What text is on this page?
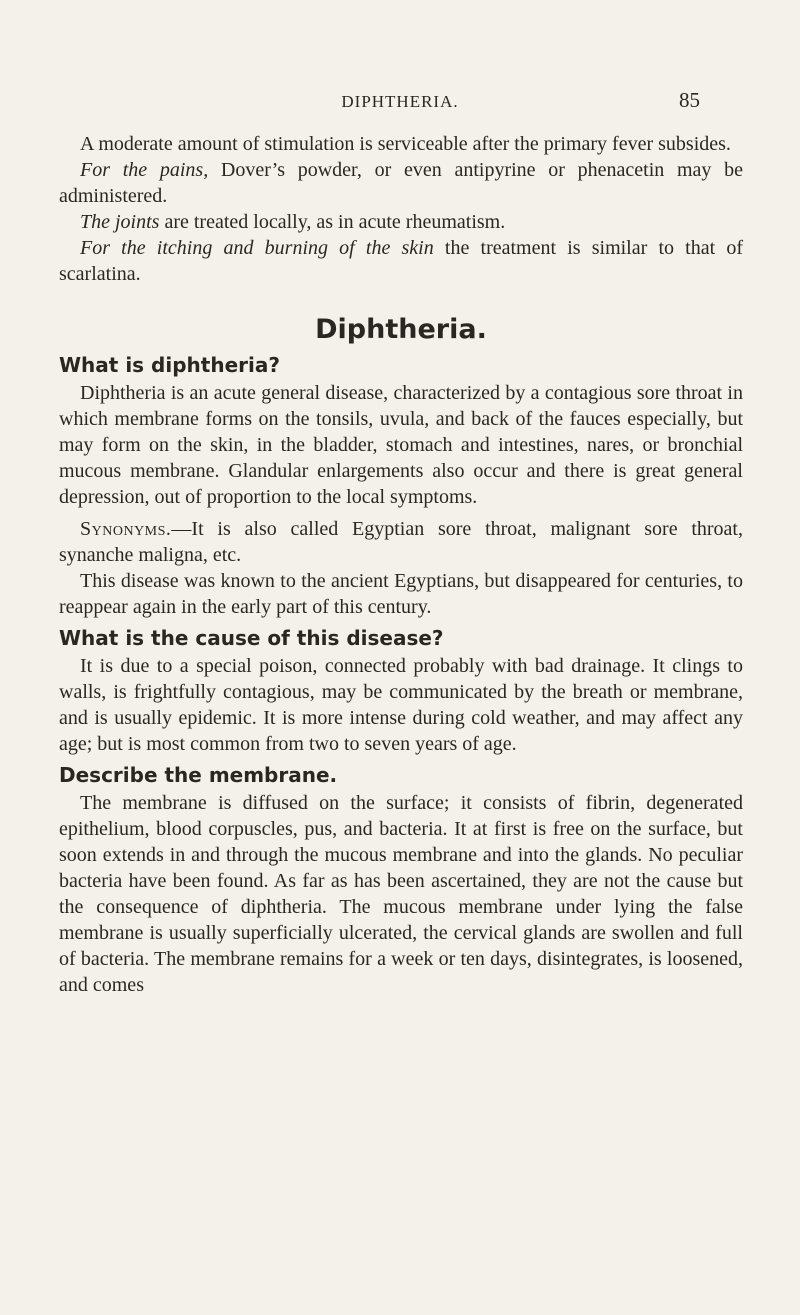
DIPHTHERIA.	85

A moderate amount of stimulation is serviceable after the primary fever subsides.

For the pains, Dover’s powder, or even antipyrine or phenacetin may be administered.

The joints are treated locally, as in acute rheumatism.

For the itching and burning of the skin the treatment is similar to that of scarlatina.

Diphtheria.
What is diphtheria?

Diphtheria is an acute general disease, characterized by a contagious sore throat in which membrane forms on the tonsils, uvula, and back of the fauces especially, but may form on the skin, in the bladder, stomach and intestines, nares, or bronchial mucous membrane. Glandular enlargements also occur and there is great general depression, out of proportion to the local symptoms.

Synonyms.—It is also called Egyptian sore throat, malignant sore throat, synanche maligna, etc.

This disease was known to the ancient Egyptians, but disappeared for centuries, to reappear again in the early part of this century.

What is the cause of this disease?

It is due to a special poison, connected probably with bad drainage. It clings to walls, is frightfully contagious, may be communicated by the breath or membrane, and is usually epidemic. It is more intense during cold weather, and may affect any age; but is most common from two to seven years of age.

Describe the membrane.

The membrane is diffused on the surface; it consists of fibrin, degenerated epithelium, blood corpuscles, pus, and bacteria. It at first is free on the surface, but soon extends in and through the mucous membrane and into the glands. No peculiar bacteria have been found. As far as has been ascertained, they are not the cause but the consequence of diphtheria. The mucous membrane under lying the false membrane is usually superficially ulcerated, the cervical glands are swollen and full of bacteria. The membrane remains for a week or ten days, disintegrates, is loosened, and comes
